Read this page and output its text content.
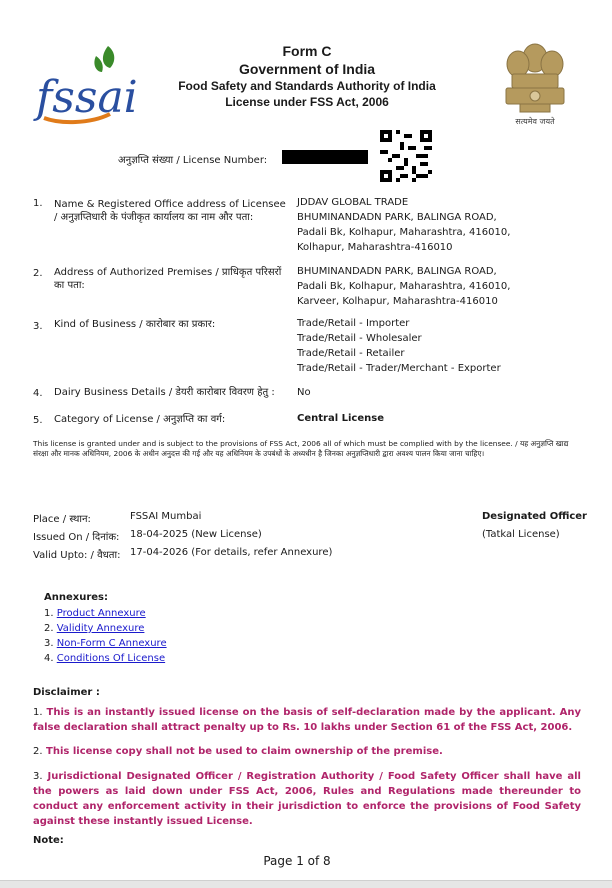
fssai
Form C
Government of India
Food Safety and Standards Authority of India
License under FSS Act, 2006
सत्यमेव जयते
अनुज्ञप्ति संख्या / License Number:
1.	Name & Registered Office address of Licensee / अनुज्ञप्तिधारी के पंजीकृत कार्यालय का नाम और पता:
JDDAV GLOBAL TRADE
BHUMINANDADN PARK, BALINGA ROAD,
Padali Bk, Kolhapur, Maharashtra, 416010,
Kolhapur, Maharashtra-416010
2.	Address of Authorized Premises / प्राधिकृत परिसरों का पता:
BHUMINANDADN PARK, BALINGA ROAD,
Padali Bk, Kolhapur, Maharashtra, 416010,
Karveer, Kolhapur, Maharashtra-416010
3.	Kind of Business / कारोबार का प्रकार:	Trade/Retail - Importer
Trade/Retail - Wholesaler
Trade/Retail - Retailer
Trade/Retail - Trader/Merchant - Exporter
4.	Dairy Business Details / डेयरी कारोबार विवरण हेतु :	No
5.	Category of License / अनुज्ञप्ति का वर्ग:	Central License
This license is granted under and is subject to the provisions of FSS Act, 2006 all of which must be complied with by the licensee. / यह अनुज्ञप्ति खाद्य संरक्षा और मानक अधिनियम, 2006 के अधीन अनुदत्त की गई और यह अधिनियम के उपबंधों के अध्यधीन है जिनका अनुज्ञप्तिधारी द्वारा अवश्य पालन किया जाना चाहिए।
Place / स्थान:	FSSAI Mumbai	Designated Officer
Issued On / दिनांक: 18-04-2025 (New License)	(Tatkal License)
Valid Upto: / वैधता: 17-04-2026 (For details, refer Annexure)
Annexures:
1. Product Annexure
2. Validity Annexure
3. Non-Form C Annexure
4. Conditions Of License
Disclaimer :
1. This is an instantly issued license on the basis of self-declaration made by the applicant. Any false declaration shall attract penalty up to Rs. 10 lakhs under Section 61 of the FSS Act, 2006.
2. This license copy shall not be used to claim ownership of the premise.
3. Jurisdictional Designated Officer / Registration Authority / Food Safety Officer shall have all the powers as laid down under FSS Act, 2006, Rules and Regulations made thereunder to conduct any enforcement activity in their jurisdiction to enforce the provisions of Food Safety against these instantly issued License.
Note:
Page 1 of 8
